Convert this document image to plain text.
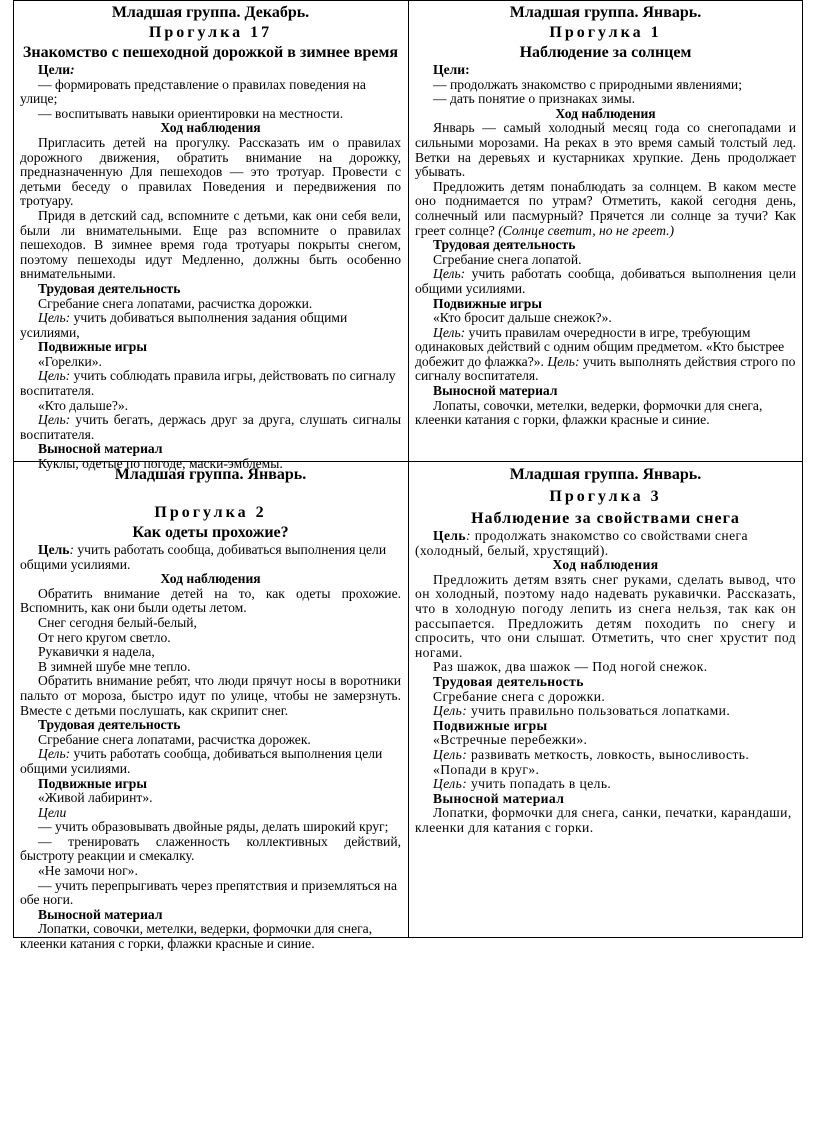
Младшая группа. Декабрь.
Прогулка 17
Знакомство с пешеходной дорожкой в зимнее время

Цели:

— формировать представление о правилах поведения на улице;

— воспитывать навыки ориентировки на местности.

Ход наблюдения

Пригласить детей на прогулку. Рассказать им о правилах дорожного движения, обратить внимание на дорожку, предназначенную Для пешеходов — это тротуар. Провести с детьми беседу о правилах Поведения и передвижения по тротуару.

Придя в детский сад, вспомните с детьми, как они себя вели, были ли внимательными. Еще раз вспомните о правилах пешеходов. В зимнее время года тротуары покрыты снегом, поэтому пешеходы идут Медленно, должны быть особенно внимательными.

Трудовая деятельность

Сгребание снега лопатами, расчистка дорожки.

Цель: учить добиваться выполнения задания общими усилиями,

Подвижные игры

«Горелки».

Цель: учить соблюдать правила игры, действовать по сигналу воспитателя.

«Кто дальше?».

Цель: учить бегать, держась друг за друга, слушать сигналы воспитателя.

Выносной материал

Куклы, одетые по погоде, маски-эмблемы.

Младшая группа. Январь.
Прогулка 1
Наблюдение за солнцем

Цели:

— продолжать знакомство с природными явлениями;

— дать понятие о признаках зимы.

Ход наблюдения

Январь — самый холодный месяц года со снегопадами и сильными морозами. На реках в это время самый толстый лед. Ветки на деревьях и кустарниках хрупкие. День продолжает убывать.

Предложить детям понаблюдать за солнцем. В каком месте оно поднимается по утрам? Отметить, какой сегодня день, солнечный или пасмурный? Прячется ли солнце за тучи? Как греет солнце? (Солнце светит, но не греет.)

Трудовая деятельность

Сгребание снега лопатой.

Цель: учить работать сообща, добиваться выполнения цели общими усилиями.

Подвижные игры

«Кто бросит дальше снежок?».

Цель: учить правилам очередности в игре, требующим одинаковых действий с одним общим предметом. «Кто быстрее добежит до флажка?». Цель: учить выполнять действия строго по сигналу воспитателя.

Выносной материал

Лопаты, совочки, метелки, ведерки, формочки для снега, клеенки катания с горки, флажки красные и синие.

Младшая группа. Январь.
Прогулка 2
Как одеты прохожие?

Цель: учить работать сообща, добиваться выполнения цели общими усилиями.

Ход наблюдения

Обратить внимание детей на то, как одеты прохожие. Вспомнить, как они были одеты летом.

Снег сегодня белый-белый,

От него кругом светло.

Рукавички я надела,

В зимней шубе мне тепло.

Обратить внимание ребят, что люди прячут носы в воротники пальто от мороза, быстро идут по улице, чтобы не замерзнуть. Вместе с детьми послушать, как скрипит снег.

Трудовая деятельность

Сгребание снега лопатами, расчистка дорожек.

Цель: учить работать сообща, добиваться выполнения цели общими усилиями.

Подвижные игры

«Живой лабиринт».

Цели

— учить образовывать двойные ряды, делать широкий круг;

— тренировать слаженность коллективных действий, быстроту реакции и смекалку.

«Не замочи ног».

— учить перепрыгивать через препятствия и приземляться на обе ноги.

Выносной материал

Лопатки, совочки, метелки, ведерки, формочки для снега, клеенки катания с горки, флажки красные и синие.

Младшая группа. Январь.
Прогулка 3
Наблюдение за свойствами снега

Цель: продолжать знакомство со свойствами снега (холодный, белый, хрустящий).

Ход наблюдения

Предложить детям взять снег руками, сделать вывод, что он холодный, поэтому надо надевать рукавички. Рассказать, что в холодную погоду лепить из снега нельзя, так как он рассыпается. Предложить детям походить по снегу и спросить, что они слышат. Отметить, что снег хрустит под ногами.

Раз шажок, два шажок — Под ногой снежок.

Трудовая деятельность

Сгребание снега с дорожки.

Цель: учить правильно пользоваться лопатками.

Подвижные игры

«Встречные перебежки».

Цель: развивать меткость, ловкость, выносливость.

«Попади в круг».

Цель: учить попадать в цель.

Выносной материал

Лопатки, формочки для снега, санки, печатки, карандаши, клеенки для катания с горки.
